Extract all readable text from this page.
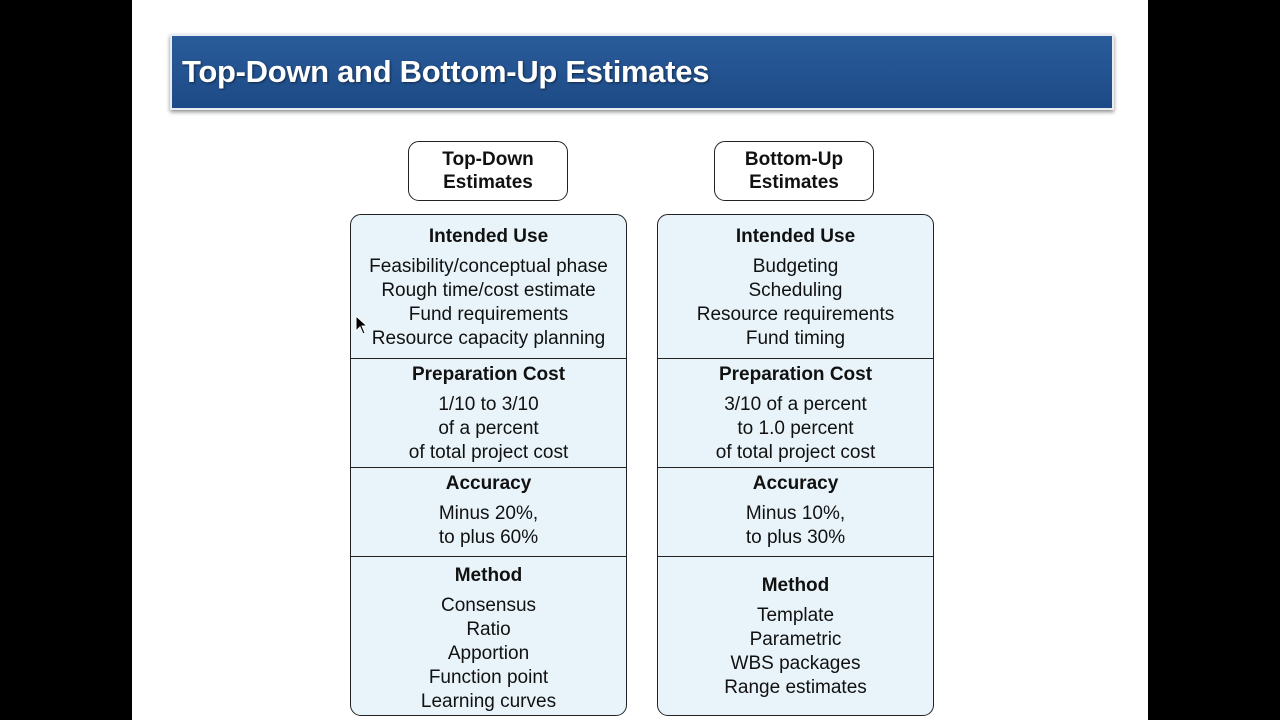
Top-Down and Bottom-Up Estimates
Top-Down
Estimates
Intended Use
Feasibility/conceptual phase
Rough time/cost estimate
Fund requirements
Resource capacity planning
Preparation Cost
1/10 to 3/10
of a percent
of total project cost
Accuracy
Minus 20%,
to plus 60%
Method
Consensus
Ratio
Apportion
Function point
Learning curves
Bottom-Up
Estimates
Intended Use
Budgeting
Scheduling
Resource requirements
Fund timing
Preparation Cost
3/10 of a percent
to 1.0 percent
of total project cost
Accuracy
Minus 10%,
to plus 30%
Method
Template
Parametric
WBS packages
Range estimates
